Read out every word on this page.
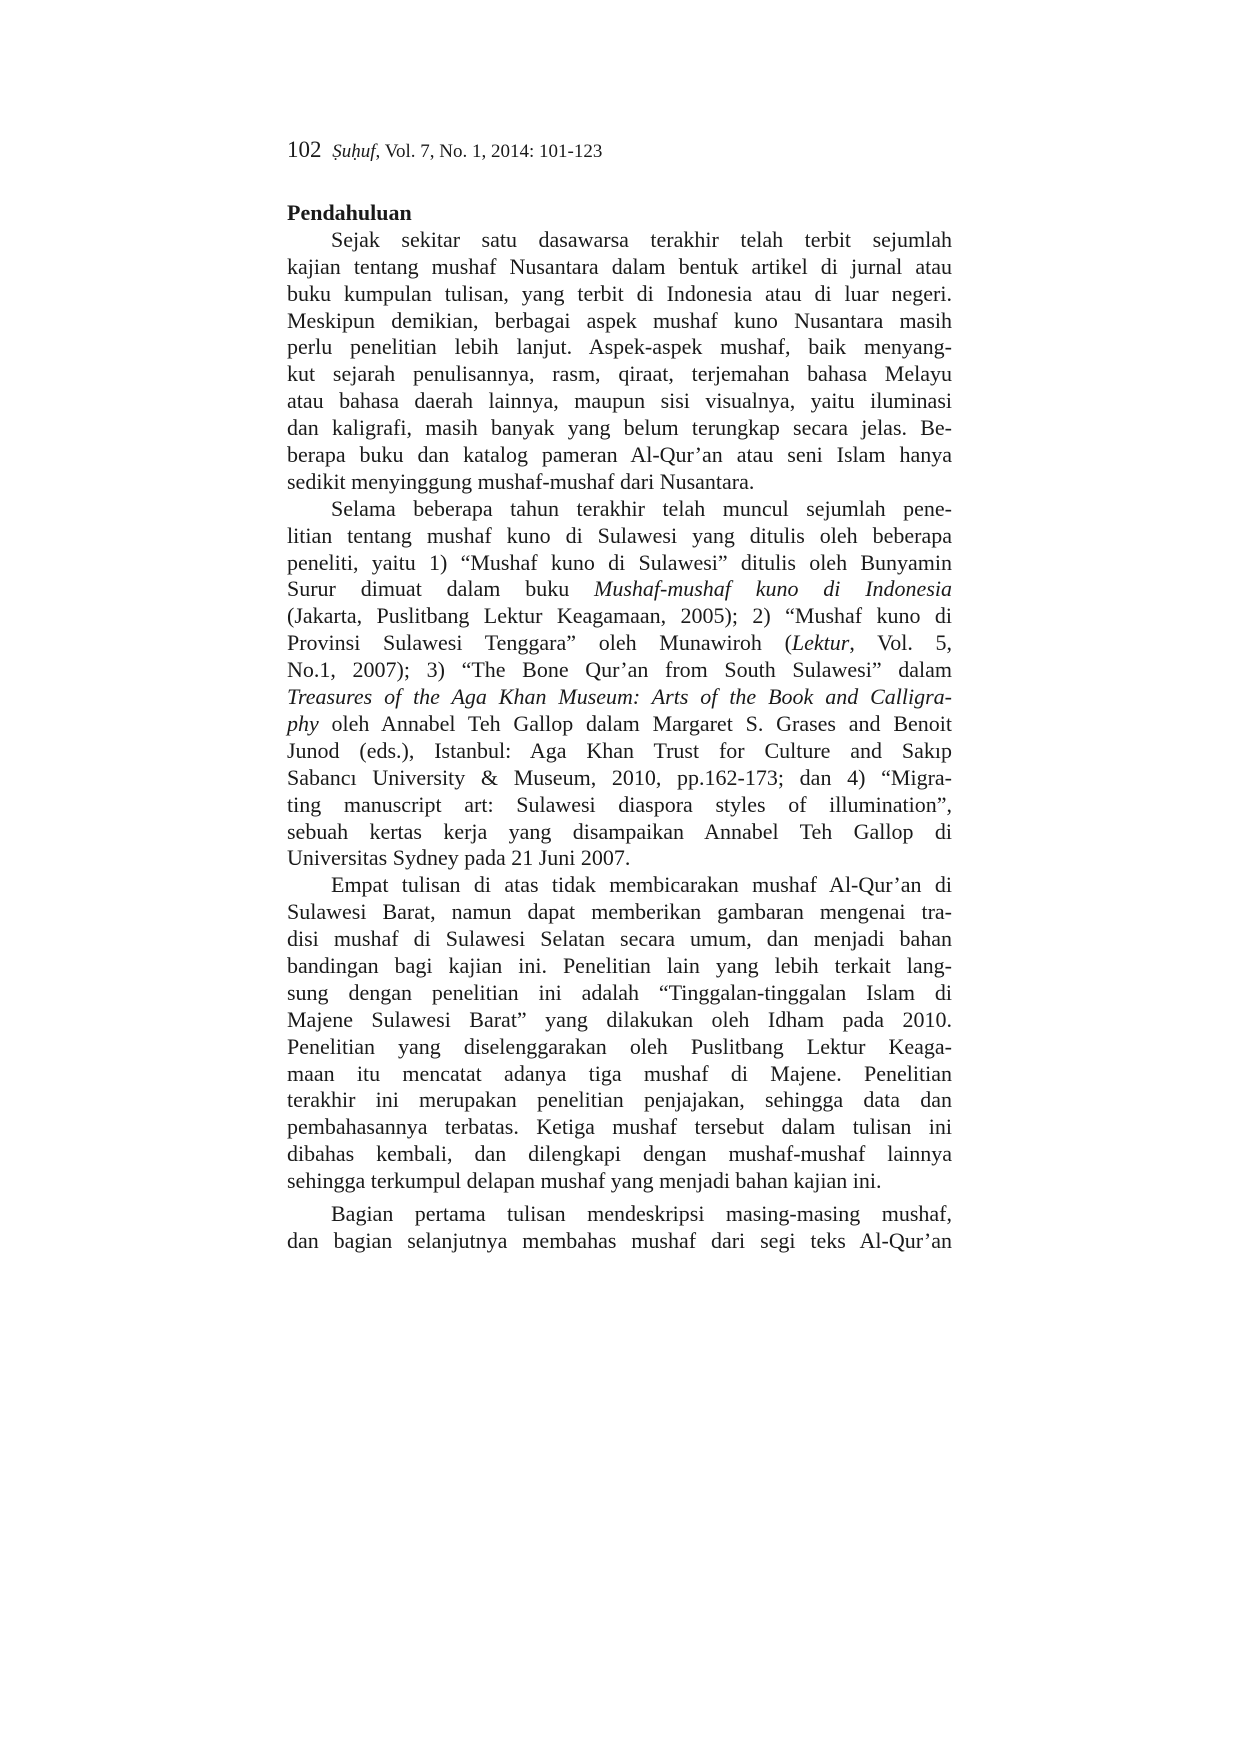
102 Ṣuḥuf, Vol. 7, No. 1, 2014: 101-123
Pendahuluan
Sejak sekitar satu dasawarsa terakhir telah terbit sejumlah
kajian tentang mushaf Nusantara dalam bentuk artikel di jurnal atau
buku kumpulan tulisan, yang terbit di Indonesia atau di luar negeri.
Meskipun demikian, berbagai aspek mushaf kuno Nusantara masih
perlu penelitian lebih lanjut. Aspek-aspek mushaf, baik menyang-
kut sejarah penulisannya, rasm, qiraat, terjemahan bahasa Melayu
atau bahasa daerah lainnya, maupun sisi visualnya, yaitu iluminasi
dan kaligrafi, masih banyak yang belum terungkap secara jelas. Be-
berapa buku dan katalog pameran Al-Qur’an atau seni Islam hanya
sedikit menyinggung mushaf-mushaf dari Nusantara.
Selama beberapa tahun terakhir telah muncul sejumlah pene-
litian tentang mushaf kuno di Sulawesi yang ditulis oleh beberapa
peneliti, yaitu 1) “Mushaf kuno di Sulawesi” ditulis oleh Bunyamin
Surur dimuat dalam buku Mushaf-mushaf kuno di Indonesia
(Jakarta, Puslitbang Lektur Keagamaan, 2005); 2) “Mushaf kuno di
Provinsi Sulawesi Tenggara” oleh Munawiroh (Lektur, Vol. 5,
No.1, 2007); 3) “The Bone Qur’an from South Sulawesi” dalam
Treasures of the Aga Khan Museum: Arts of the Book and Calligra-
phy oleh Annabel Teh Gallop dalam Margaret S. Grases and Benoit
Junod (eds.), Istanbul: Aga Khan Trust for Culture and Sakıp
Sabancı University & Museum, 2010, pp.162-173; dan 4) “Migra-
ting manuscript art: Sulawesi diaspora styles of illumination”,
sebuah kertas kerja yang disampaikan Annabel Teh Gallop di
Universitas Sydney pada 21 Juni 2007.
Empat tulisan di atas tidak membicarakan mushaf Al-Qur’an di
Sulawesi Barat, namun dapat memberikan gambaran mengenai tra-
disi mushaf di Sulawesi Selatan secara umum, dan menjadi bahan
bandingan bagi kajian ini. Penelitian lain yang lebih terkait lang-
sung dengan penelitian ini adalah “Tinggalan-tinggalan Islam di
Majene Sulawesi Barat” yang dilakukan oleh Idham pada 2010.
Penelitian yang diselenggarakan oleh Puslitbang Lektur Keaga-
maan itu mencatat adanya tiga mushaf di Majene. Penelitian
terakhir ini merupakan penelitian penjajakan, sehingga data dan
pembahasannya terbatas. Ketiga mushaf tersebut dalam tulisan ini
dibahas kembali, dan dilengkapi dengan mushaf-mushaf lainnya
sehingga terkumpul delapan mushaf yang menjadi bahan kajian ini.
Bagian pertama tulisan mendeskripsi masing-masing mushaf,
dan bagian selanjutnya membahas mushaf dari segi teks Al-Qur’an
